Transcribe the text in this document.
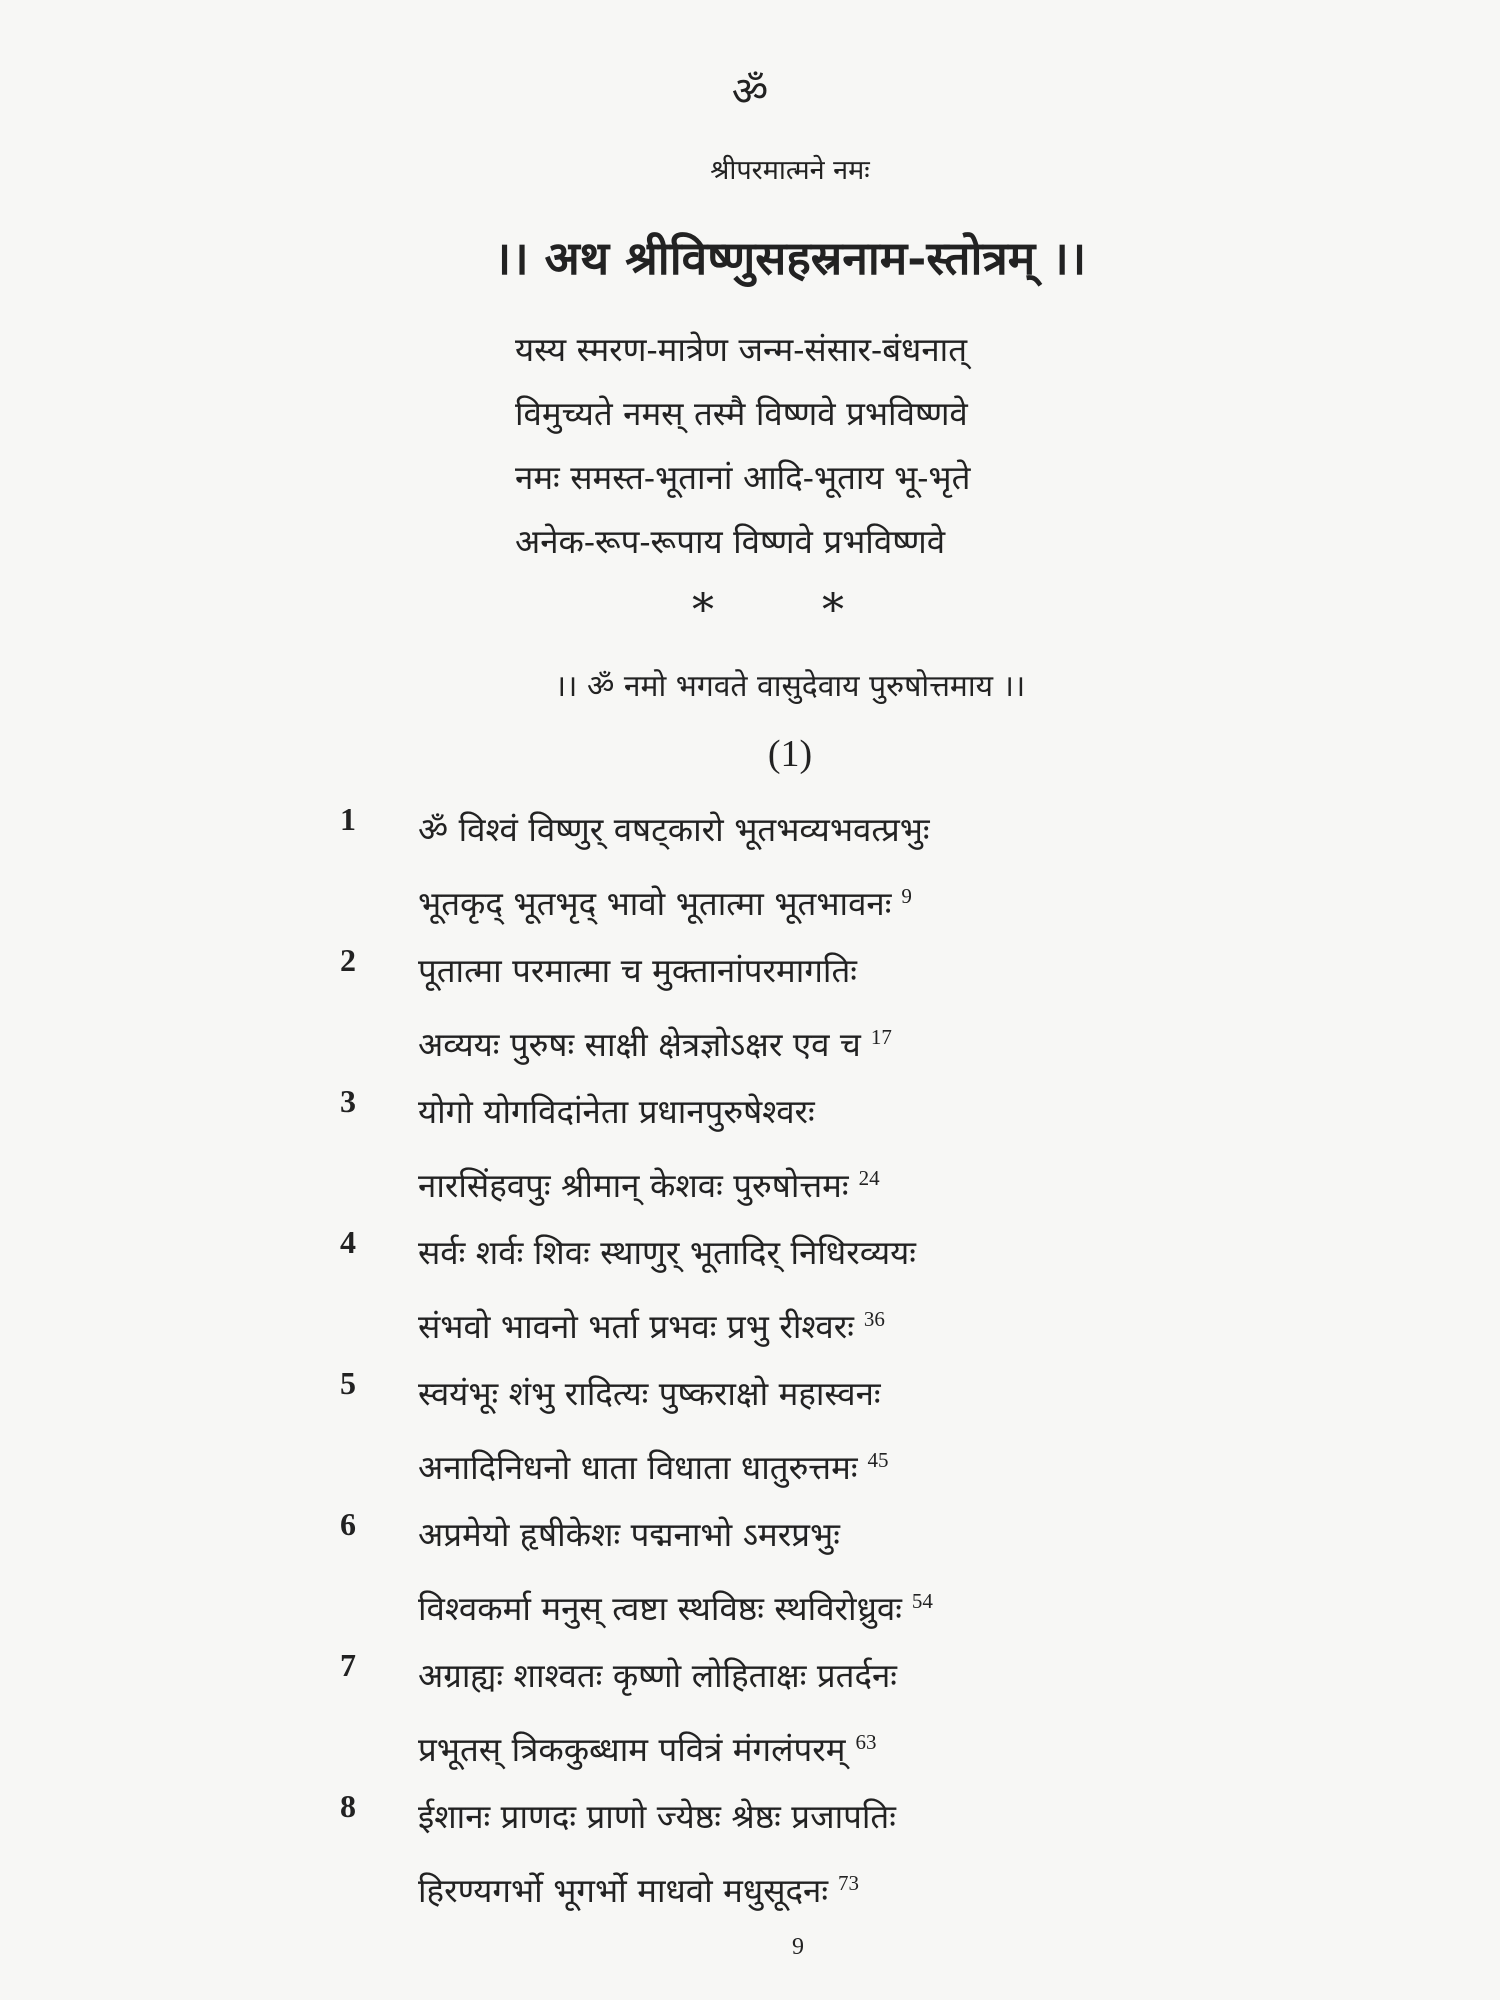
ॐ
श्रीपरमात्मने नमः
।। अथ श्रीविष्णुसहस्रनाम-स्तोत्रम् ।।
यस्य स्मरण-मात्रेण जन्म-संसार-बंधनात्
विमुच्यते नमस् तस्मै विष्णवे प्रभविष्णवे
नमः समस्त-भूतानां आदि-भूताय भू-भृते
अनेक-रूप-रूपाय विष्णवे प्रभविष्णवे
* *
।। ॐ नमो भगवते वासुदेवाय पुरुषोत्तमाय ।।
(1)
1 ॐ विश्वं विष्णुर् वषट्कारो भूतभव्यभवत्प्रभुः
भूतकृद् भूतभृद् भावो भूतात्मा भूतभावनः $^9$
2 पूतात्मा परमात्मा च मुक्तानांपरमागतिः
अव्ययः पुरुषः साक्षी क्षेत्रज्ञोऽक्षर एव च $^{17}$
3 योगो योगविदांनेता प्रधानपुरुषेश्वरः
नारसिंहवपुः श्रीमान् केशवः पुरुषोत्तमः $^{24}$
4 सर्वः शर्वः शिवः स्थाणुर् भूतादिर् निधिरव्ययः
संभवो भावनो भर्ता प्रभवः प्रभु रीश्वरः $^{36}$
5 स्वयंभूः शंभु रादित्यः पुष्कराक्षो महास्वनः
अनादिनिधनो धाता विधाता धातुरुत्तमः $^{45}$
6 अप्रमेयो हृषीकेशः पद्मनाभो ऽमरप्रभुः
विश्वकर्मा मनुस् त्वष्टा स्थविष्ठः स्थविरोध्रुवः $^{54}$
7 अग्राह्यः शाश्वतः कृष्णो लोहिताक्षः प्रतर्दनः
प्रभूतस् त्रिककुब्धाम पवित्रं मंगलंपरम् $^{63}$
8 ईशानः प्राणदः प्राणो ज्येष्ठः श्रेष्ठः प्रजापतिः
हिरण्यगर्भो भूगर्भो माधवो मधुसूदनः $^{73}$
9
